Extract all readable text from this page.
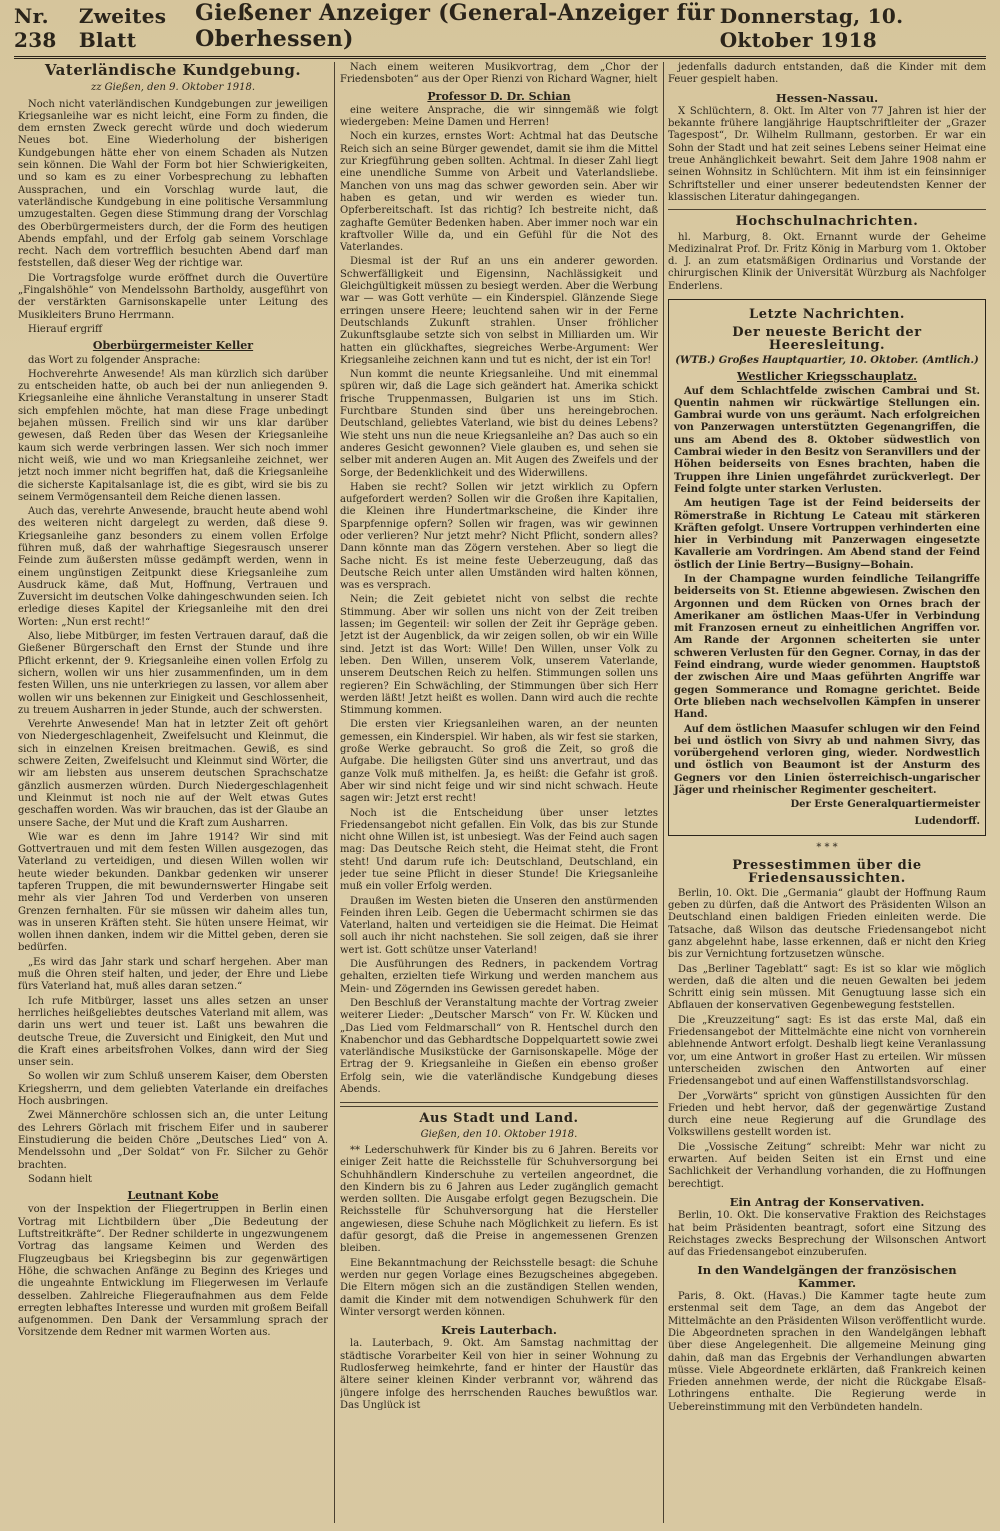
Nr. 238
Zweites Blatt
Gießener Anzeiger (General-Anzeiger für Oberhessen)
Donnerstag, 10. Oktober 1918
Vaterländische Kundgebung.
zz Gießen, den 9. Oktober 1918.

Noch nicht vaterländischen Kundgebungen zur jeweiligen Kriegsanleihe war es nicht leicht, eine Form zu finden, die dem ernsten Zweck gerecht würde und doch wiederum Neues bot. Eine Wiederholung der bisherigen Kundgebungen hätte eher von einem Schaden als Nutzen sein können. Die Wahl der Form bot hier Schwierigkeiten, und so kam es zu einer Vorbesprechung zu lebhaften Aussprachen, und ein Vorschlag wurde laut, die vaterländische Kundgebung in eine politische Versammlung umzugestalten. Gegen diese Stimmung drang der Vorschlag des Oberbürgermeisters durch, der die Form des heutigen Abends empfahl, und der Erfolg gab seinem Vorschlage recht. Nach dem vortrefflich besuchten Abend darf man feststellen, daß dieser Weg der richtige war.

Die Vortragsfolge wurde eröffnet durch die Ouvertüre „Fingalshöhle“ von Mendelssohn Bartholdy, ausgeführt von der verstärkten Garnisonskapelle unter Leitung des Musikleiters Bruno Herrmann.

Hierauf ergriff

Oberbürgermeister Keller

das Wort zu folgender Ansprache:

Hochverehrte Anwesende! Als man kürzlich sich darüber zu entscheiden hatte, ob auch bei der nun anliegenden 9. Kriegsanleihe eine ähnliche Veranstaltung in unserer Stadt sich empfehlen möchte, hat man diese Frage unbedingt bejahen müssen. Freilich sind wir uns klar darüber gewesen, daß Reden über das Wesen der Kriegsanleihe kaum sich werde verbringen lassen. Wer sich noch immer nicht weiß, wie und wo man Kriegsanleihe zeichnet, wer jetzt noch immer nicht begriffen hat, daß die Kriegsanleihe die sicherste Kapitalsanlage ist, die es gibt, wird sie bis zu seinem Vermögensanteil dem Reiche dienen lassen.

Auch das, verehrte Anwesende, braucht heute abend wohl des weiteren nicht dargelegt zu werden, daß diese 9. Kriegsanleihe ganz besonders zu einem vollen Erfolge führen muß, daß der wahrhaftige Siegesrausch unserer Feinde zum äußersten müsse gedämpft werden, wenn in einem ungünstigen Zeitpunkt diese Kriegsanleihe zum Ausdruck käme, daß Mut, Hoffnung, Vertrauen und Zuversicht im deutschen Volke dahingeschwunden seien. Ich erledige dieses Kapitel der Kriegsanleihe mit den drei Worten: „Nun erst recht!“

Also, liebe Mitbürger, im festen Vertrauen darauf, daß die Gießener Bürgerschaft den Ernst der Stunde und ihre Pflicht erkennt, der 9. Kriegsanleihe einen vollen Erfolg zu sichern, wollen wir uns hier zusammenfinden, um in dem festen Willen, uns nie unterkriegen zu lassen, vor allem aber wollen wir uns bekennen zur Einigkeit und Geschlossenheit, zu treuem Ausharren in jeder Stunde, auch der schwersten.

Verehrte Anwesende! Man hat in letzter Zeit oft gehört von Niedergeschlagenheit, Zweifelsucht und Kleinmut, die sich in einzelnen Kreisen breitmachen. Gewiß, es sind schwere Zeiten, Zweifelsucht und Kleinmut sind Wörter, die wir am liebsten aus unserem deutschen Sprachschatze gänzlich ausmerzen würden. Durch Niedergeschlagenheit und Kleinmut ist noch nie auf der Welt etwas Gutes geschaffen worden. Was wir brauchen, das ist der Glaube an unsere Sache, der Mut und die Kraft zum Ausharren.

Wie war es denn im Jahre 1914? Wir sind mit Gottvertrauen und mit dem festen Willen ausgezogen, das Vaterland zu verteidigen, und diesen Willen wollen wir heute wieder bekunden. Dankbar gedenken wir unserer tapferen Truppen, die mit bewundernswerter Hingabe seit mehr als vier Jahren Tod und Verderben von unseren Grenzen fernhalten. Für sie müssen wir daheim alles tun, was in unseren Kräften steht. Sie hüten unsere Heimat, wir wollen ihnen danken, indem wir die Mittel geben, deren sie bedürfen.

„Es wird das Jahr stark und scharf hergehen. Aber man muß die Ohren steif halten, und jeder, der Ehre und Liebe fürs Vaterland hat, muß alles daran setzen.“

Ich rufe Mitbürger, lasset uns alles setzen an unser herrliches heißgeliebtes deutsches Vaterland mit allem, was darin uns wert und teuer ist. Laßt uns bewahren die deutsche Treue, die Zuversicht und Einigkeit, den Mut und die Kraft eines arbeitsfrohen Volkes, dann wird der Sieg unser sein.

So wollen wir zum Schluß unserem Kaiser, dem Obersten Kriegsherrn, und dem geliebten Vaterlande ein dreifaches Hoch ausbringen.

Zwei Männerchöre schlossen sich an, die unter Leitung des Lehrers Görlach mit frischem Eifer und in sauberer Einstudierung die beiden Chöre „Deutsches Lied“ von A. Mendelssohn und „Der Soldat“ von Fr. Silcher zu Gehör brachten.

Sodann hielt

Leutnant Kobe

von der Inspektion der Fliegertruppen in Berlin einen Vortrag mit Lichtbildern über „Die Bedeutung der Luftstreitkräfte“. Der Redner schilderte in ungezwungenem Vortrag das langsame Keimen und Werden des Flugzeugbaus bei Kriegsbeginn bis zur gegenwärtigen Höhe, die schwachen Anfänge zu Beginn des Krieges und die ungeahnte Entwicklung im Fliegerwesen im Verlaufe desselben. Zahlreiche Fliegeraufnahmen aus dem Felde erregten lebhaftes Interesse und wurden mit großem Beifall aufgenommen. Den Dank der Versammlung sprach der Vorsitzende dem Redner mit warmen Worten aus.

Nach einem weiteren Musikvortrag, dem „Chor der Friedensboten“ aus der Oper Rienzi von Richard Wagner, hielt

Professor D. Dr. Schian

eine weitere Ansprache, die wir sinngemäß wie folgt wiedergeben: Meine Damen und Herren!

Noch ein kurzes, ernstes Wort: Achtmal hat das Deutsche Reich sich an seine Bürger gewendet, damit sie ihm die Mittel zur Kriegführung geben sollten. Achtmal. In dieser Zahl liegt eine unendliche Summe von Arbeit und Vaterlandsliebe. Manchen von uns mag das schwer geworden sein. Aber wir haben es getan, und wir werden es wieder tun. Opferbereitschaft. Ist das richtig? Ich bestreite nicht, daß zaghafte Gemüter Bedenken haben. Aber immer noch war ein kraftvoller Wille da, und ein Gefühl für die Not des Vaterlandes.

Diesmal ist der Ruf an uns ein anderer geworden. Schwerfälligkeit und Eigensinn, Nachlässigkeit und Gleichgültigkeit müssen zu besiegt werden. Aber die Werbung war — was Gott verhüte — ein Kinderspiel. Glänzende Siege erringen unsere Heere; leuchtend sahen wir in der Ferne Deutschlands Zukunft strahlen. Unser fröhlicher Zukunftsglaube setzte sich von selbst in Milliarden um. Wir hatten ein glückhaftes, siegreiches Werbe-Argument: Wer Kriegsanleihe zeichnen kann und tut es nicht, der ist ein Tor!

Nun kommt die neunte Kriegsanleihe. Und mit einemmal spüren wir, daß die Lage sich geändert hat. Amerika schickt frische Truppenmassen, Bulgarien ist uns im Stich. Furchtbare Stunden sind über uns hereingebrochen. Deutschland, geliebtes Vaterland, wie bist du deines Lebens? Wie steht uns nun die neue Kriegsanleihe an? Das auch so ein anderes Gesicht gewonnen? Viele glauben es, und sehen sie selber mit anderen Augen an. Mit Augen des Zweifels und der Sorge, der Bedenklichkeit und des Widerwillens.

Haben sie recht? Sollen wir jetzt wirklich zu Opfern aufgefordert werden? Sollen wir die Großen ihre Kapitalien, die Kleinen ihre Hundertmarkscheine, die Kinder ihre Sparpfennige opfern? Sollen wir fragen, was wir gewinnen oder verlieren? Nur jetzt mehr? Nicht Pflicht, sondern alles? Dann könnte man das Zögern verstehen. Aber so liegt die Sache nicht. Es ist meine feste Ueberzeugung, daß das Deutsche Reich unter allen Umständen wird halten können, was es versprach.

Nein; die Zeit gebietet nicht von selbst die rechte Stimmung. Aber wir sollen uns nicht von der Zeit treiben lassen; im Gegenteil: wir sollen der Zeit ihr Gepräge geben. Jetzt ist der Augenblick, da wir zeigen sollen, ob wir ein Wille sind. Jetzt ist das Wort: Wille! Den Willen, unser Volk zu leben. Den Willen, unserem Volk, unserem Vaterlande, unserem Deutschen Reich zu helfen. Stimmungen sollen uns regieren? Ein Schwächling, der Stimmungen über sich Herr werden läßt! Jetzt heißt es wollen. Dann wird auch die rechte Stimmung kommen.

Die ersten vier Kriegsanleihen waren, an der neunten gemessen, ein Kinderspiel. Wir haben, als wir fest sie starken, große Werke gebraucht. So groß die Zeit, so groß die Aufgabe. Die heiligsten Güter sind uns anvertraut, und das ganze Volk muß mithelfen. Ja, es heißt: die Gefahr ist groß. Aber wir sind nicht feige und wir sind nicht schwach. Heute sagen wir: Jetzt erst recht!

Noch ist die Entscheidung über unser letztes Friedensangebot nicht gefallen. Ein Volk, das bis zur Stunde nicht ohne Willen ist, ist unbesiegt. Was der Feind auch sagen mag: Das Deutsche Reich steht, die Heimat steht, die Front steht! Und darum rufe ich: Deutschland, Deutschland, ein jeder tue seine Pflicht in dieser Stunde! Die Kriegsanleihe muß ein voller Erfolg werden.

Draußen im Westen bieten die Unseren den anstürmenden Feinden ihren Leib. Gegen die Uebermacht schirmen sie das Vaterland, halten und verteidigen sie die Heimat. Die Heimat soll auch ihr nicht nachstehen. Sie soll zeigen, daß sie ihrer wert ist. Gott schütze unser Vaterland!

Die Ausführungen des Redners, in packendem Vortrag gehalten, erzielten tiefe Wirkung und werden manchem aus Mein- und Zögernden ins Gewissen geredet haben.

Den Beschluß der Veranstaltung machte der Vortrag zweier weiterer Lieder: „Deutscher Marsch“ von Fr. W. Kücken und „Das Lied vom Feldmarschall“ von R. Hentschel durch den Knabenchor und das Gebhardtsche Doppelquartett sowie zwei vaterländische Musikstücke der Garnisonskapelle. Möge der Ertrag der 9. Kriegsanleihe in Gießen ein ebenso großer Erfolg sein, wie die vaterländische Kundgebung dieses Abends.

Aus Stadt und Land.
Gießen, den 10. Oktober 1918.

** Lederschuhwerk für Kinder bis zu 6 Jahren. Bereits vor einiger Zeit hatte die Reichsstelle für Schuhversorgung bei Schuhhändlern Kinderschuhe zu verteilen angeordnet, die den Kindern bis zu 6 Jahren aus Leder zugänglich gemacht werden sollten. Die Ausgabe erfolgt gegen Bezugschein. Die Reichsstelle für Schuhversorgung hat die Hersteller angewiesen, diese Schuhe nach Möglichkeit zu liefern. Es ist dafür gesorgt, daß die Preise in angemessenen Grenzen bleiben.

Eine Bekanntmachung der Reichsstelle besagt: die Schuhe werden nur gegen Vorlage eines Bezugscheines abgegeben. Die Eltern mögen sich an die zuständigen Stellen wenden, damit die Kinder mit dem notwendigen Schuhwerk für den Winter versorgt werden können.

Kreis Lauterbach.

la. Lauterbach, 9. Okt. Am Samstag nachmittag der städtische Vorarbeiter Keil von hier in seiner Wohnung zu Rudlosferweg heimkehrte, fand er hinter der Haustür das ältere seiner kleinen Kinder verbrannt vor, während das jüngere infolge des herrschenden Rauches bewußtlos war. Das Unglück ist

jedenfalls dadurch entstanden, daß die Kinder mit dem Feuer gespielt haben.

Hessen-Nassau.

X Schlüchtern, 8. Okt. Im Alter von 77 Jahren ist hier der bekannte frühere langjährige Hauptschriftleiter der „Grazer Tagespost“, Dr. Wilhelm Rullmann, gestorben. Er war ein Sohn der Stadt und hat zeit seines Lebens seiner Heimat eine treue Anhänglichkeit bewahrt. Seit dem Jahre 1908 nahm er seinen Wohnsitz in Schlüchtern. Mit ihm ist ein feinsinniger Schriftsteller und einer unserer bedeutendsten Kenner der klassischen Literatur dahingegangen.

Hochschulnachrichten.

hl. Marburg, 8. Okt. Ernannt wurde der Geheime Medizinalrat Prof. Dr. Fritz König in Marburg vom 1. Oktober d. J. an zum etatsmäßigen Ordinarius und Vorstande der chirurgischen Klinik der Universität Würzburg als Nachfolger Enderlens.

Letzte Nachrichten.
Der neueste Bericht der Heeresleitung.
(WTB.) Großes Hauptquartier, 10. Oktober. (Amtlich.)
Westlicher Kriegsschauplatz.

Auf dem Schlachtfelde zwischen Cambrai und St. Quentin nahmen wir rückwärtige Stellungen ein. Gambrai wurde von uns geräumt. Nach erfolgreichen von Panzerwagen unterstützten Gegenangriffen, die uns am Abend des 8. Oktober südwestlich von Cambrai wieder in den Besitz von Seranvillers und der Höhen beiderseits von Esnes brachten, haben die Truppen ihre Linien ungefährdet zurückverlegt. Der Feind folgte unter starken Verlusten.

Am heutigen Tage ist der Feind beiderseits der Römerstraße in Richtung Le Cateau mit stärkeren Kräften gefolgt. Unsere Vortruppen verhinderten eine hier in Verbindung mit Panzerwagen eingesetzte Kavallerie am Vordringen. Am Abend stand der Feind östlich der Linie Bertry—Busigny—Bohain.

In der Champagne wurden feindliche Teilangriffe beiderseits von St. Etienne abgewiesen. Zwischen den Argonnen und dem Rücken von Ornes brach der Amerikaner am östlichen Maas-Ufer in Verbindung mit Franzosen erneut zu einheitlichen Angriffen vor. Am Rande der Argonnen scheiterten sie unter schweren Verlusten für den Gegner. Cornay, in das der Feind eindrang, wurde wieder genommen. Hauptstoß der zwischen Aire und Maas geführten Angriffe war gegen Sommerance und Romagne gerichtet. Beide Orte blieben nach wechselvollen Kämpfen in unserer Hand.

Auf dem östlichen Maasufer schlugen wir den Feind bei und östlich von Sivry ab und nahmen Sivry, das vorübergehend verloren ging, wieder. Nordwestlich und östlich von Beaumont ist der Ansturm des Gegners vor den Linien österreichisch-ungarischer Jäger und rheinischer Regimenter gescheitert.

Der Erste Generalquartiermeister
Ludendorff.
* * *
Pressestimmen über die Friedensaussichten.

Berlin, 10. Okt. Die „Germania“ glaubt der Hoffnung Raum geben zu dürfen, daß die Antwort des Präsidenten Wilson an Deutschland einen baldigen Frieden einleiten werde. Die Tatsache, daß Wilson das deutsche Friedensangebot nicht ganz abgelehnt habe, lasse erkennen, daß er nicht den Krieg bis zur Vernichtung fortzusetzen wünsche.

Das „Berliner Tageblatt“ sagt: Es ist so klar wie möglich werden, daß die alten und die neuen Gewalten bei jedem Schritt einig sein müssen. Mit Genugtuung lasse sich ein Abflauen der konservativen Gegenbewegung feststellen.

Die „Kreuzzeitung“ sagt: Es ist das erste Mal, daß ein Friedensangebot der Mittelmächte eine nicht von vornherein ablehnende Antwort erfolgt. Deshalb liegt keine Veranlassung vor, um eine Antwort in großer Hast zu erteilen. Wir müssen unterscheiden zwischen den Antworten auf einer Friedensangebot und auf einen Waffenstillstandsvorschlag.

Der „Vorwärts“ spricht von günstigen Aussichten für den Frieden und hebt hervor, daß der gegenwärtige Zustand durch eine neue Regierung auf die Grundlage des Volkswillens gestellt worden ist.

Die „Vossische Zeitung“ schreibt: Mehr war nicht zu erwarten. Auf beiden Seiten ist ein Ernst und eine Sachlichkeit der Verhandlung vorhanden, die zu Hoffnungen berechtigt.

Ein Antrag der Konservativen.

Berlin, 10. Okt. Die konservative Fraktion des Reichstages hat beim Präsidenten beantragt, sofort eine Sitzung des Reichstages zwecks Besprechung der Wilsonschen Antwort auf das Friedensangebot einzuberufen.

In den Wandelgängen der französischen Kammer.

Paris, 8. Okt. (Havas.) Die Kammer tagte heute zum erstenmal seit dem Tage, an dem das Angebot der Mittelmächte an den Präsidenten Wilson veröffentlicht wurde. Die Abgeordneten sprachen in den Wandelgängen lebhaft über diese Angelegenheit. Die allgemeine Meinung ging dahin, daß man das Ergebnis der Verhandlungen abwarten müsse. Viele Abgeordnete erklärten, daß Frankreich keinen Frieden annehmen werde, der nicht die Rückgabe Elsaß-Lothringens enthalte. Die Regierung werde in Uebereinstimmung mit den Verbündeten handeln.
